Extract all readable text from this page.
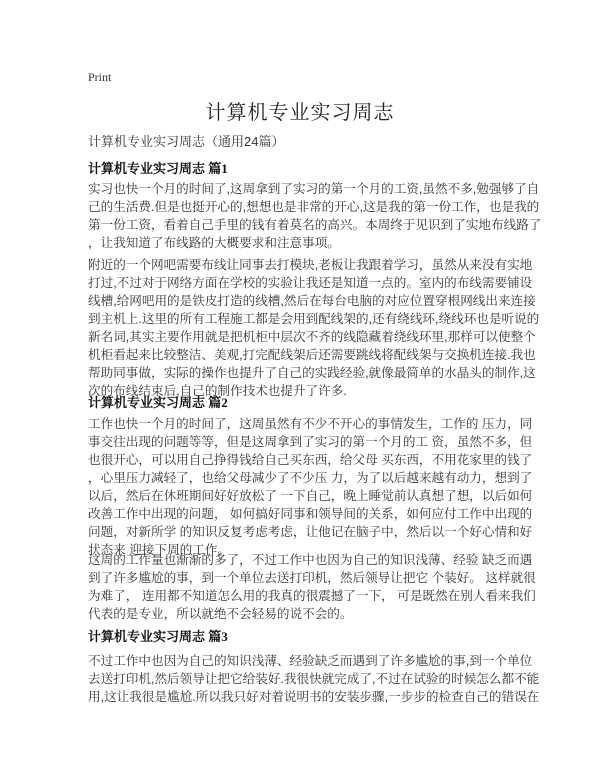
Print
计算机专业实习周志
计算机专业实习周志（通用24篇）
计算机专业实习周志 篇1
实习也快一个月的时间了,这周拿到了实习的第一个月的工资,虽然不多,勉强够了自
己的生活费.但是也挺开心的,想想也是非常的开心,这是我的第一份工作，也是我的
第一份工资，看着自己手里的钱有着莫名的高兴。本周终于见识到了实地布线路了
，让我知道了布线路的大概要求和注意事项。
附近的一个网吧需要布线让同事去打模块,老板让我跟着学习，虽然从来没有实地
打过,不过对于网络方面在学校的实验让我还是知道一点的。室内的布线需要铺设
线槽,给网吧用的是铁皮打造的线槽,然后在每台电脑的对应位置穿根网线出来连接
到主机上.这里的所有工程施工都是会用到配线架的,还有绕线环,绕线环也是听说的
新名词,其实主要作用就是把机柜中层次不齐的线隐藏着绕线环里,那样可以使整个
机柜看起来比较整洁、美观,打完配线架后还需要跳线将配线架与交换机连接.我也
帮助同事做，实际的操作也提升了自己的实践经验,就像最简单的水晶头的制作,这
次的布线结束后,自己的制作技术也提升了许多.
计算机专业实习周志 篇2
工作也快一个月的时间了，这周虽然有不少不开心的事情发生，工作的 压力，同
事交往出现的问题等等，但是这周拿到了实习的第一个月的工 资，虽然不多，但
也很开心，可以用自己挣得钱给自己买东西，给父母 买东西，不用花家里的钱了
，心里压力减轻了，也给父母减少了不少压 力，为了以后越来越有动力，想到了
以后，然后在休班期间好好放松了 一下自己，晚上睡觉前认真想了想，以后如何
改善工作中出现的问题， 如何搞好同事和领导间的关系，如何应付工作中出现的
问题，对新所学 的知识反复考虑考虑，让他记在脑子中，然后以一个好心情和好
状态来 迎接下周的工作。
这周的工作量也渐渐的多了，不过工作中也因为自己的知识浅薄、经验 缺乏而遇
到了许多尴尬的事，到一个单位去送打印机，然后领导让把它 个装好。 这样就很
为难了， 连用都不知道怎么用的我真的很震撼了一下， 可是既然在别人看来我们
代表的是专业，所以就绝不会轻易的说不会的。
计算机专业实习周志 篇3
不过工作中也因为自己的知识浅薄、经验缺乏而遇到了许多尴尬的事,到一个单位
去送打印机,然后领导让把它给装好.我很快就完成了,不过在试验的时候怎么都不能
用,这让我很是尴尬.所以我只好对着说明书的安装步骤,一步步的检查自己的错误在
